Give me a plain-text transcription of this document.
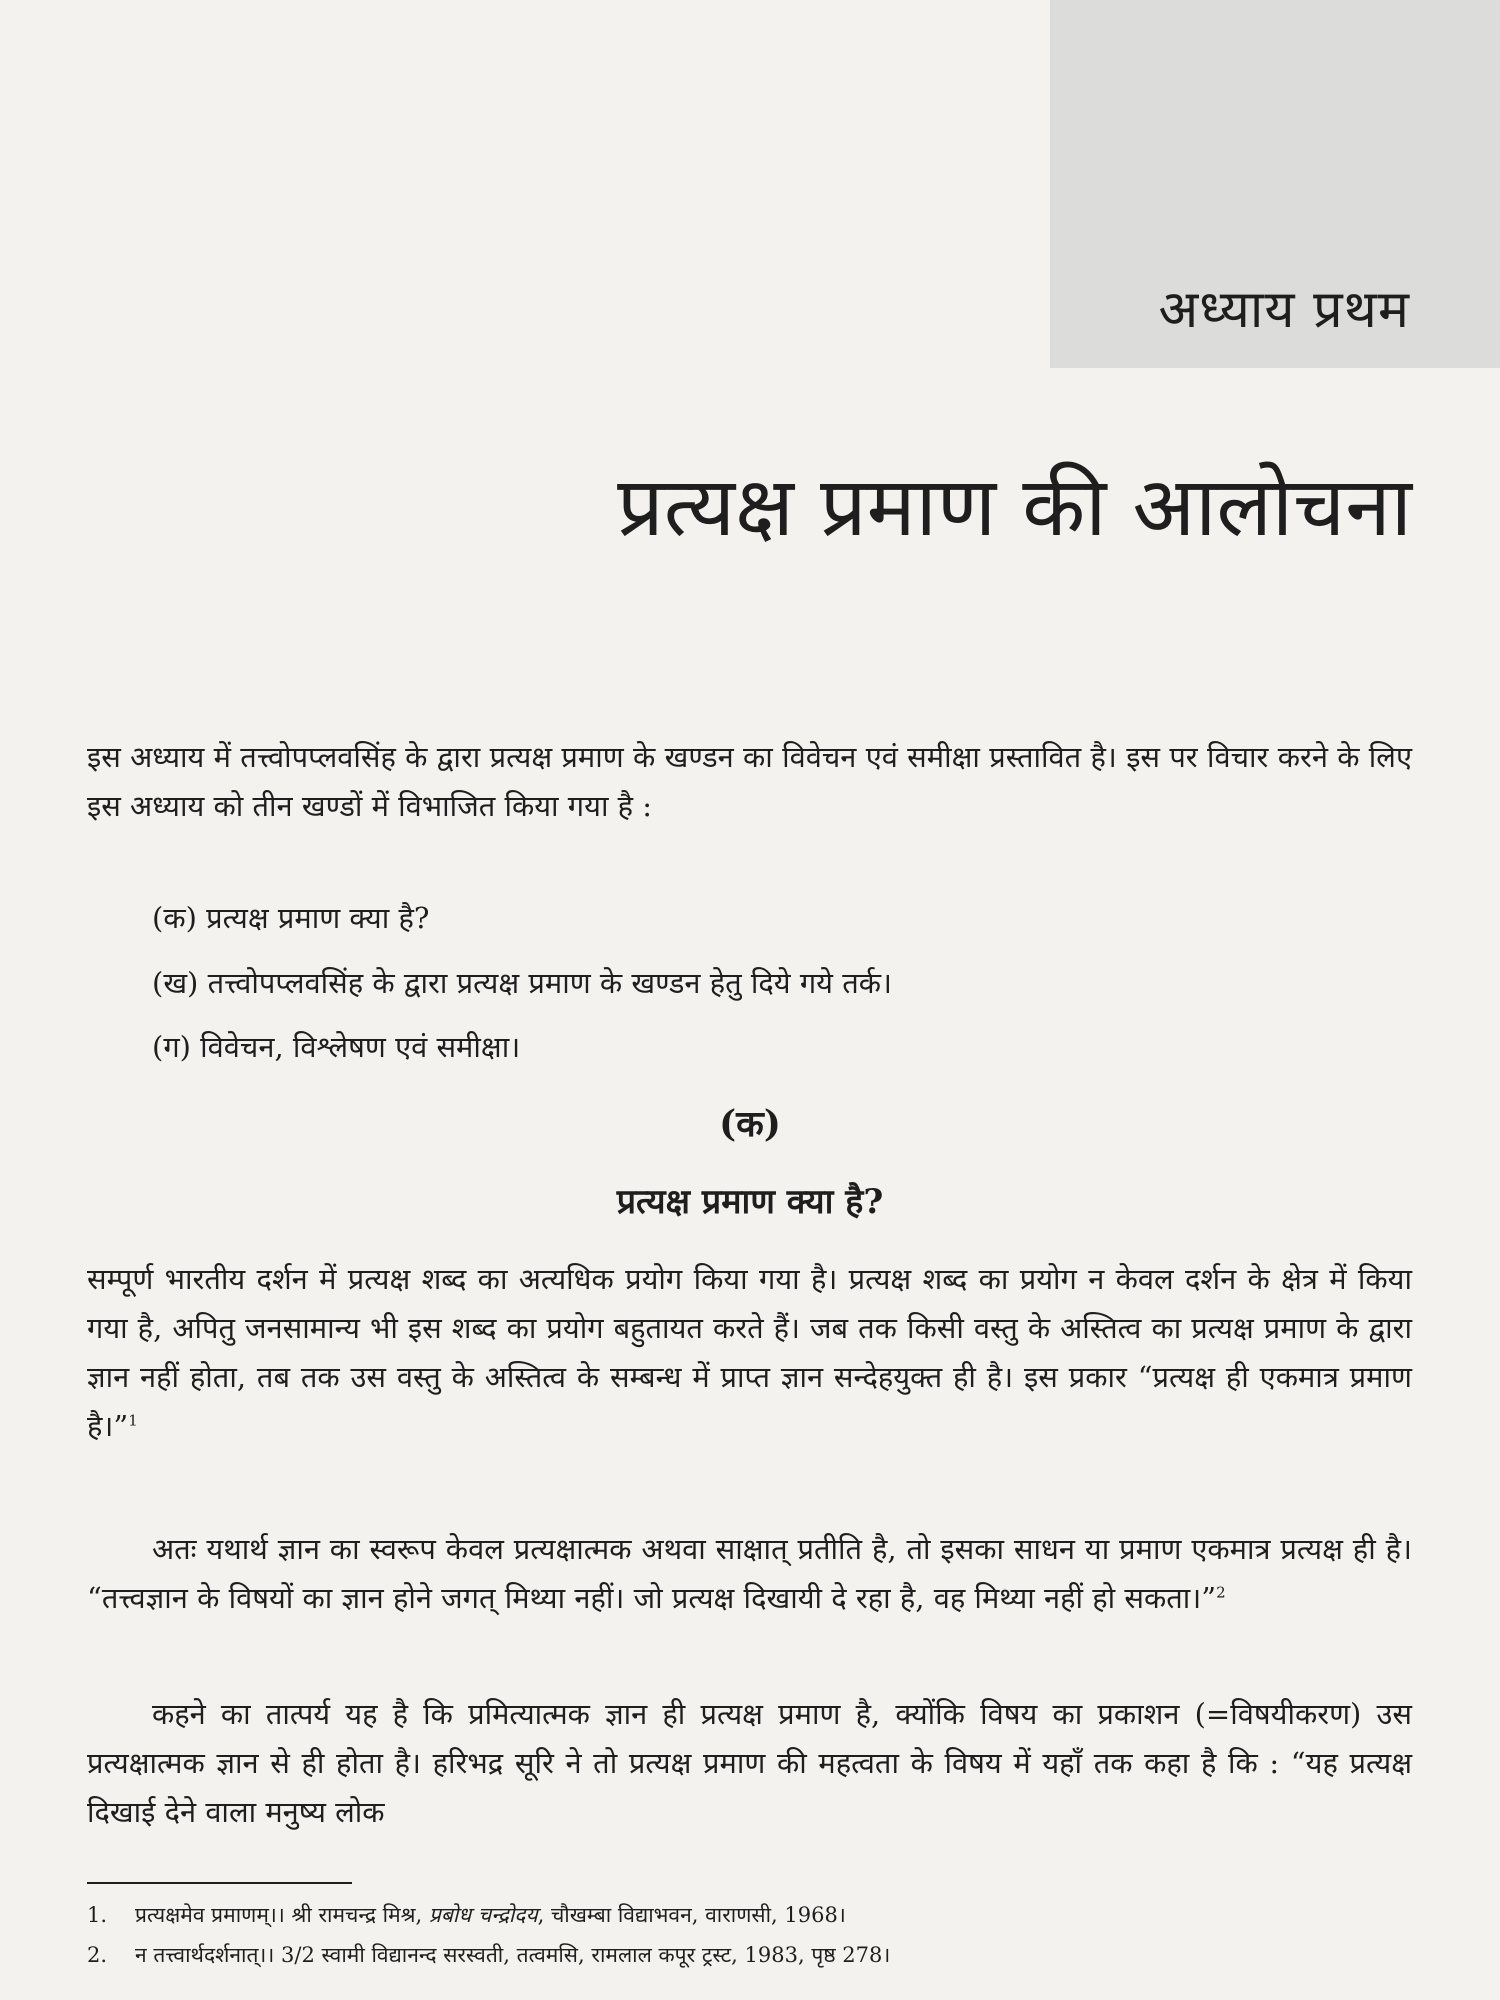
अध्याय प्रथम
प्रत्यक्ष प्रमाण की आलोचना

इस अध्याय में तत्त्वोपप्लवसिंह के द्वारा प्रत्यक्ष प्रमाण के खण्डन का विवेचन एवं समीक्षा प्रस्तावित है। इस पर विचार करने के लिए इस अध्याय को तीन खण्डों में विभाजित किया गया है :

(क) प्रत्यक्ष प्रमाण क्या है?

(ख) तत्त्वोपप्लवसिंह के द्वारा प्रत्यक्ष प्रमाण के खण्डन हेतु दिये गये तर्क।

(ग) विवेचन, विश्लेषण एवं समीक्षा।

(क)
प्रत्यक्ष प्रमाण क्या है?

सम्पूर्ण भारतीय दर्शन में प्रत्यक्ष शब्द का अत्यधिक प्रयोग किया गया है। प्रत्यक्ष शब्द का प्रयोग न केवल दर्शन के क्षेत्र में किया गया है, अपितु जनसामान्य भी इस शब्द का प्रयोग बहुतायत करते हैं। जब तक किसी वस्तु के अस्तित्व का प्रत्यक्ष प्रमाण के द्वारा ज्ञान नहीं होता, तब तक उस वस्तु के अस्तित्व के सम्बन्ध में प्राप्त ज्ञान सन्देहयुक्त ही है। इस प्रकार “प्रत्यक्ष ही एकमात्र प्रमाण है।”$^1$

अतः यथार्थ ज्ञान का स्वरूप केवल प्रत्यक्षात्मक अथवा साक्षात् प्रतीति है, तो इसका साधन या प्रमाण एकमात्र प्रत्यक्ष ही है। “तत्त्वज्ञान के विषयों का ज्ञान होने जगत् मिथ्या नहीं। जो प्रत्यक्ष दिखायी दे रहा है, वह मिथ्या नहीं हो सकता।”$^2$

कहने का तात्पर्य यह है कि प्रमित्यात्मक ज्ञान ही प्रत्यक्ष प्रमाण है, क्योंकि विषय का प्रकाशन (=विषयीकरण) उस प्रत्यक्षात्मक ज्ञान से ही होता है। हरिभद्र सूरि ने तो प्रत्यक्ष प्रमाण की महत्वता के विषय में यहाँ तक कहा है कि : “यह प्रत्यक्ष दिखाई देने वाला मनुष्य लोक

1. प्रत्यक्षमेव प्रमाणम्।। श्री रामचन्द्र मिश्र, प्रबोध चन्द्रोदय, चौखम्बा विद्याभवन, वाराणसी, 1968।

2. न तत्त्वार्थदर्शनात्।। 3/2 स्वामी विद्यानन्द सरस्वती, तत्वमसि, रामलाल कपूर ट्रस्ट, 1983, पृष्ठ 278।
